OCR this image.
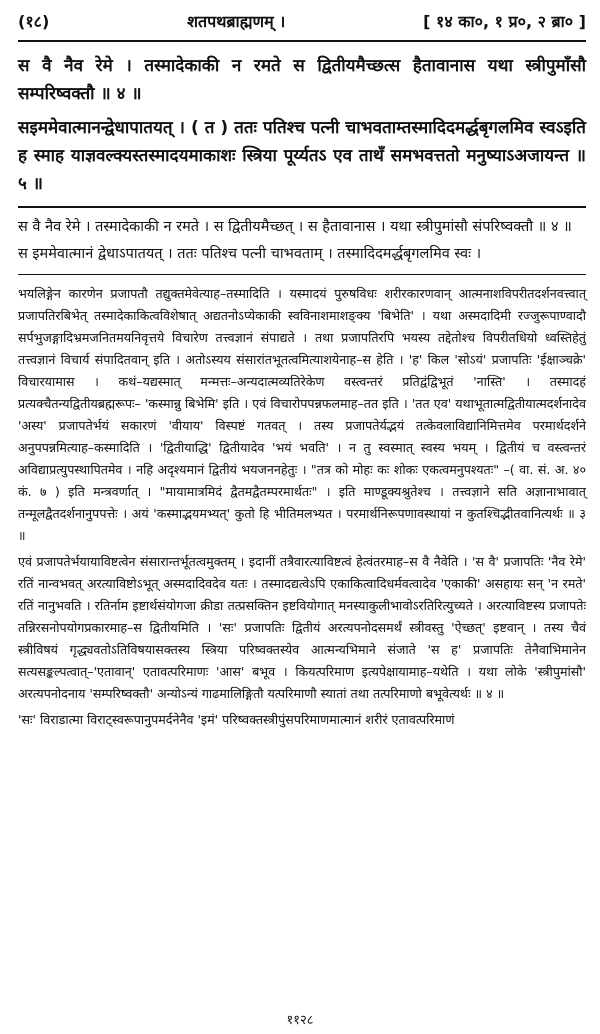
(१८)	शतपथब्राह्मणम् ।	[ १४ का०, १ प्र०, २ ब्रा० ]

स वै नैव रेमे । तस्मादेकाकी न रमते स द्वितीयमैच्छत्स हैतावानास यथा स्त्रीपुमाँसौ सम्परिष्वक्तौ ॥ ४ ॥

सइममेवात्मानन्द्वेधापातयत् । ( त ) ततः पतिश्च पत्नी चाभवताम्तस्मादिदमर्द्धबृगलमिव स्वऽइति ह स्माह याज्ञवल्क्यस्तस्मादयमाकाशः स्त्रिया पूर्य्यतऽ एव ताथँ समभवत्ततो मनुष्याऽअजायन्त ॥ ५ ॥

स वै नैव रेमे । तस्मादेकाकी न रमते । स द्वितीयमैच्छत् । स हैतावानास । यथा स्त्रीपुमांसौ संपरिष्वक्तौ ॥ ४ ॥

स इममेवात्मानं द्वेधाऽपातयत् । ततः पतिश्च पत्नी चाभवताम् । तस्मादिदमर्द्धबृगलमिव स्वः ।

भयलिङ्गेन कारणेन प्रजापतौ तद्युक्तमेवेत्याह–तस्मादिति । यस्मादयं पुरुषविधः शरीरकारणवान् आत्मनाशविपरीतदर्शनवत्त्वात् प्रजापतिरबिभेत् तस्मादेकाकित्वविशेषात् अद्यतनोऽप्येकाकी स्वविनाशमाशङ्क्य 'बिभेति' । यथा अस्मदादिमी रज्जुरूपाण्वादौ सर्पभुजङ्गादिभ्रमजनितमयनिवृत्तये विचारेण तत्त्वज्ञानं संपाद्यते । तथा प्रजापतिरपि भयस्य तद्देतोश्च विपरीतधियो ध्वस्तिहेतुं तत्त्वज्ञानं विचार्य संपादितवान् इति । अतोऽस्यय संसारांतभूतत्वमित्याशयेनाह–स हेति । 'ह' किल 'सोऽयं' प्रजापतिः 'ईक्षाञ्चक्रे' विचारयामास । कथं–यद्यस्मात् मन्मत्तः–अन्यदात्मव्यतिरेकेण वस्त्वन्तरं प्रतिद्वंद्विभूतं 'नास्ति' । तस्मादहं प्रत्यक्चैतन्यद्वितीयब्रह्मरूपः– 'कस्मान्नु बिभेमि' इति । एवं विचारोपपन्नफलमाह–तत इति । 'तत एव' यथाभूतात्मद्वितीयात्मदर्शनादेव 'अस्य' प्रजापतेर्भयं सकारणं 'वीयाय' विस्पष्टं गतवत् । तस्य प्रजापतेर्यद्भयं तत्केवलाविद्यानिमित्तमेव परमार्थदर्शने अनुपपन्नमित्याह–कस्मादिति । 'द्वितीयाद्धि' द्वितीयादेव 'भयं भवति' । न तु स्वस्मात् स्वस्य भयम् । द्वितीयं च वस्त्वन्तरं अविद्याप्रत्युपस्थापितमेव । नहि अदृश्यमानं द्वितीयं भयजननहेतुः । "तत्र को मोहः कः शोकः एकत्वमनुपश्यतः" –( वा. सं. अ. ४० कं. ७ ) इति मन्त्रवर्णात् । "मायामात्रमिदं द्वैतमद्वैतम्परमार्थतः" । इति माण्डूक्यश्रुतेश्च । तत्त्वज्ञाने सति अज्ञानाभावात् तन्मूलद्वैतदर्शनानुपपत्तेः । अयं 'कस्माद्भयमभ्यत्' कुतो हि भीतिमलभ्यत । परमार्थनिरूपणावस्थायां न कुतश्चिद्भीतवानित्यर्थः ॥ ३ ॥

एवं प्रजापतेर्भयायाविष्टत्वेन संसारान्तर्भूतत्वमुक्तम् । इदानीं तत्रैवारत्याविष्टत्वं हेत्वंतरमाह–स वै नैवेति । 'स वै' प्रजापतिः 'नैव रेमे' रतिं नान्वभवत् अरत्याविष्टोऽभूत् अस्मदादिवदेव यतः । तस्मादद्यत्वेऽपि एकाकित्वादिधर्मवत्वादेव 'एकाकी' असहायः सन् 'न रमते' रतिं नानुभवति । रतिर्नाम इष्टार्थसंयोगजा क्रीडा तत्प्रसक्तिन इष्टवियोगात् मनस्याकुलीभावोऽरतिरित्युच्यते । अरत्याविष्टस्य प्रजापतेः तन्निरसनोपयोगप्रकारमाह–स द्वितीयमिति । 'सः' प्रजापतिः द्वितीयं अरत्यपनोदसमर्थं स्त्रीवस्तु 'ऐच्छत्' इष्टवान् । तस्य चैवं स्त्रीविषयं गृद्ध्यवतोऽतिविषयासक्तस्य स्त्रिया परिष्वक्तस्येव आत्मन्यभिमाने संजाते 'स ह' प्रजापतिः तेनैवाभिमानेन सत्यसङ्कल्पत्वात्–'एतावान्' एतावत्परिमाणः 'आस' बभूव । कियत्परिमाण इत्यपेक्षायामाह–यथेति । यथा लोके 'स्त्रीपुमांसौ' अरत्यपनोदनाय 'सम्परिष्वक्तौ' अन्योऽन्यं गाढमालिङ्गितौ यत्परिमाणौ स्यातां तथा तत्परिमाणो बभूवेत्यर्थः ॥ ४ ॥

'सः' विराडात्मा विराट्स्वरूपानुपमर्दनेनैव 'इमं' परिष्वक्तस्त्रीपुंसपरिमाणमात्मानं शरीरं एतावत्परिमाणं

११२८
